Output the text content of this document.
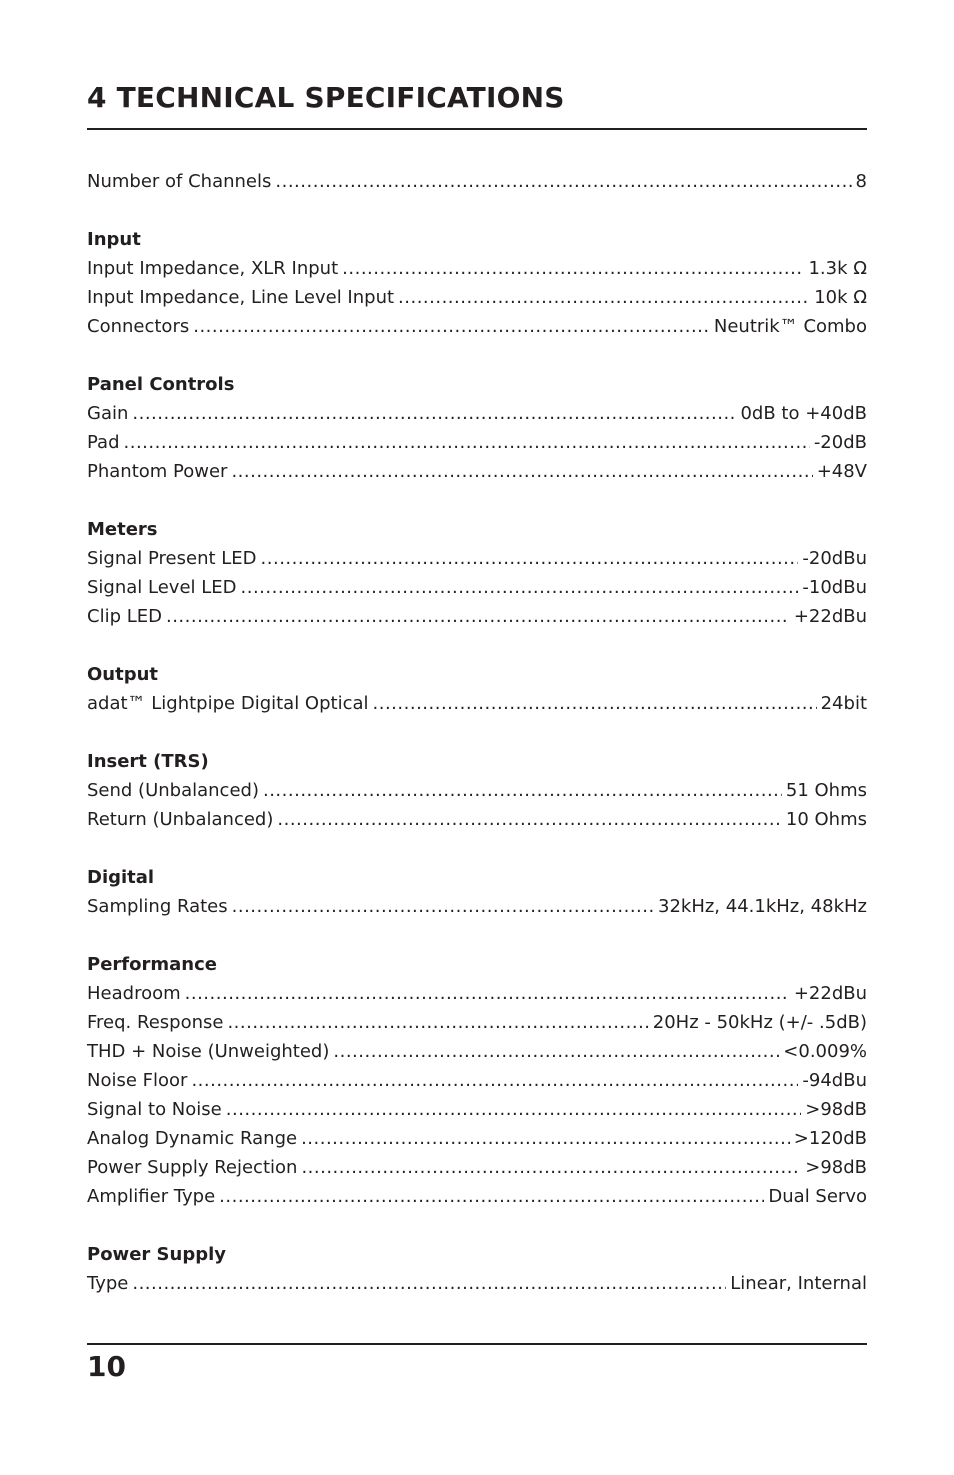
4 TECHNICAL SPECIFICATIONS
Number of Channels .....	8
Input
Input Impedance, XLR Input .....	1.3k Ω
Input Impedance, Line Level Input .....	10k Ω
Connectors .....	Neutrik™ Combo
Panel Controls
Gain .....	0dB to +40dB
Pad .....	-20dB
Phantom Power .....	+48V
Meters
Signal Present LED .....	-20dBu
Signal Level LED .....	-10dBu
Clip LED .....	+22dBu
Output
adat™ Lightpipe Digital Optical .....	24bit
Insert (TRS)
Send (Unbalanced) .....	51 Ohms
Return (Unbalanced) .....	10 Ohms
Digital
Sampling Rates .....	32kHz, 44.1kHz, 48kHz
Performance
Headroom .....	+22dBu
Freq. Response .....	20Hz - 50kHz (+/- .5dB)
THD + Noise (Unweighted) .....	<0.009%
Noise Floor .....	-94dBu
Signal to Noise .....	>98dB
Analog Dynamic Range .....	>120dB
Power Supply Rejection .....	>98dB
Amplifier Type .....	Dual Servo
Power Supply
Type .....	Linear, Internal
10
